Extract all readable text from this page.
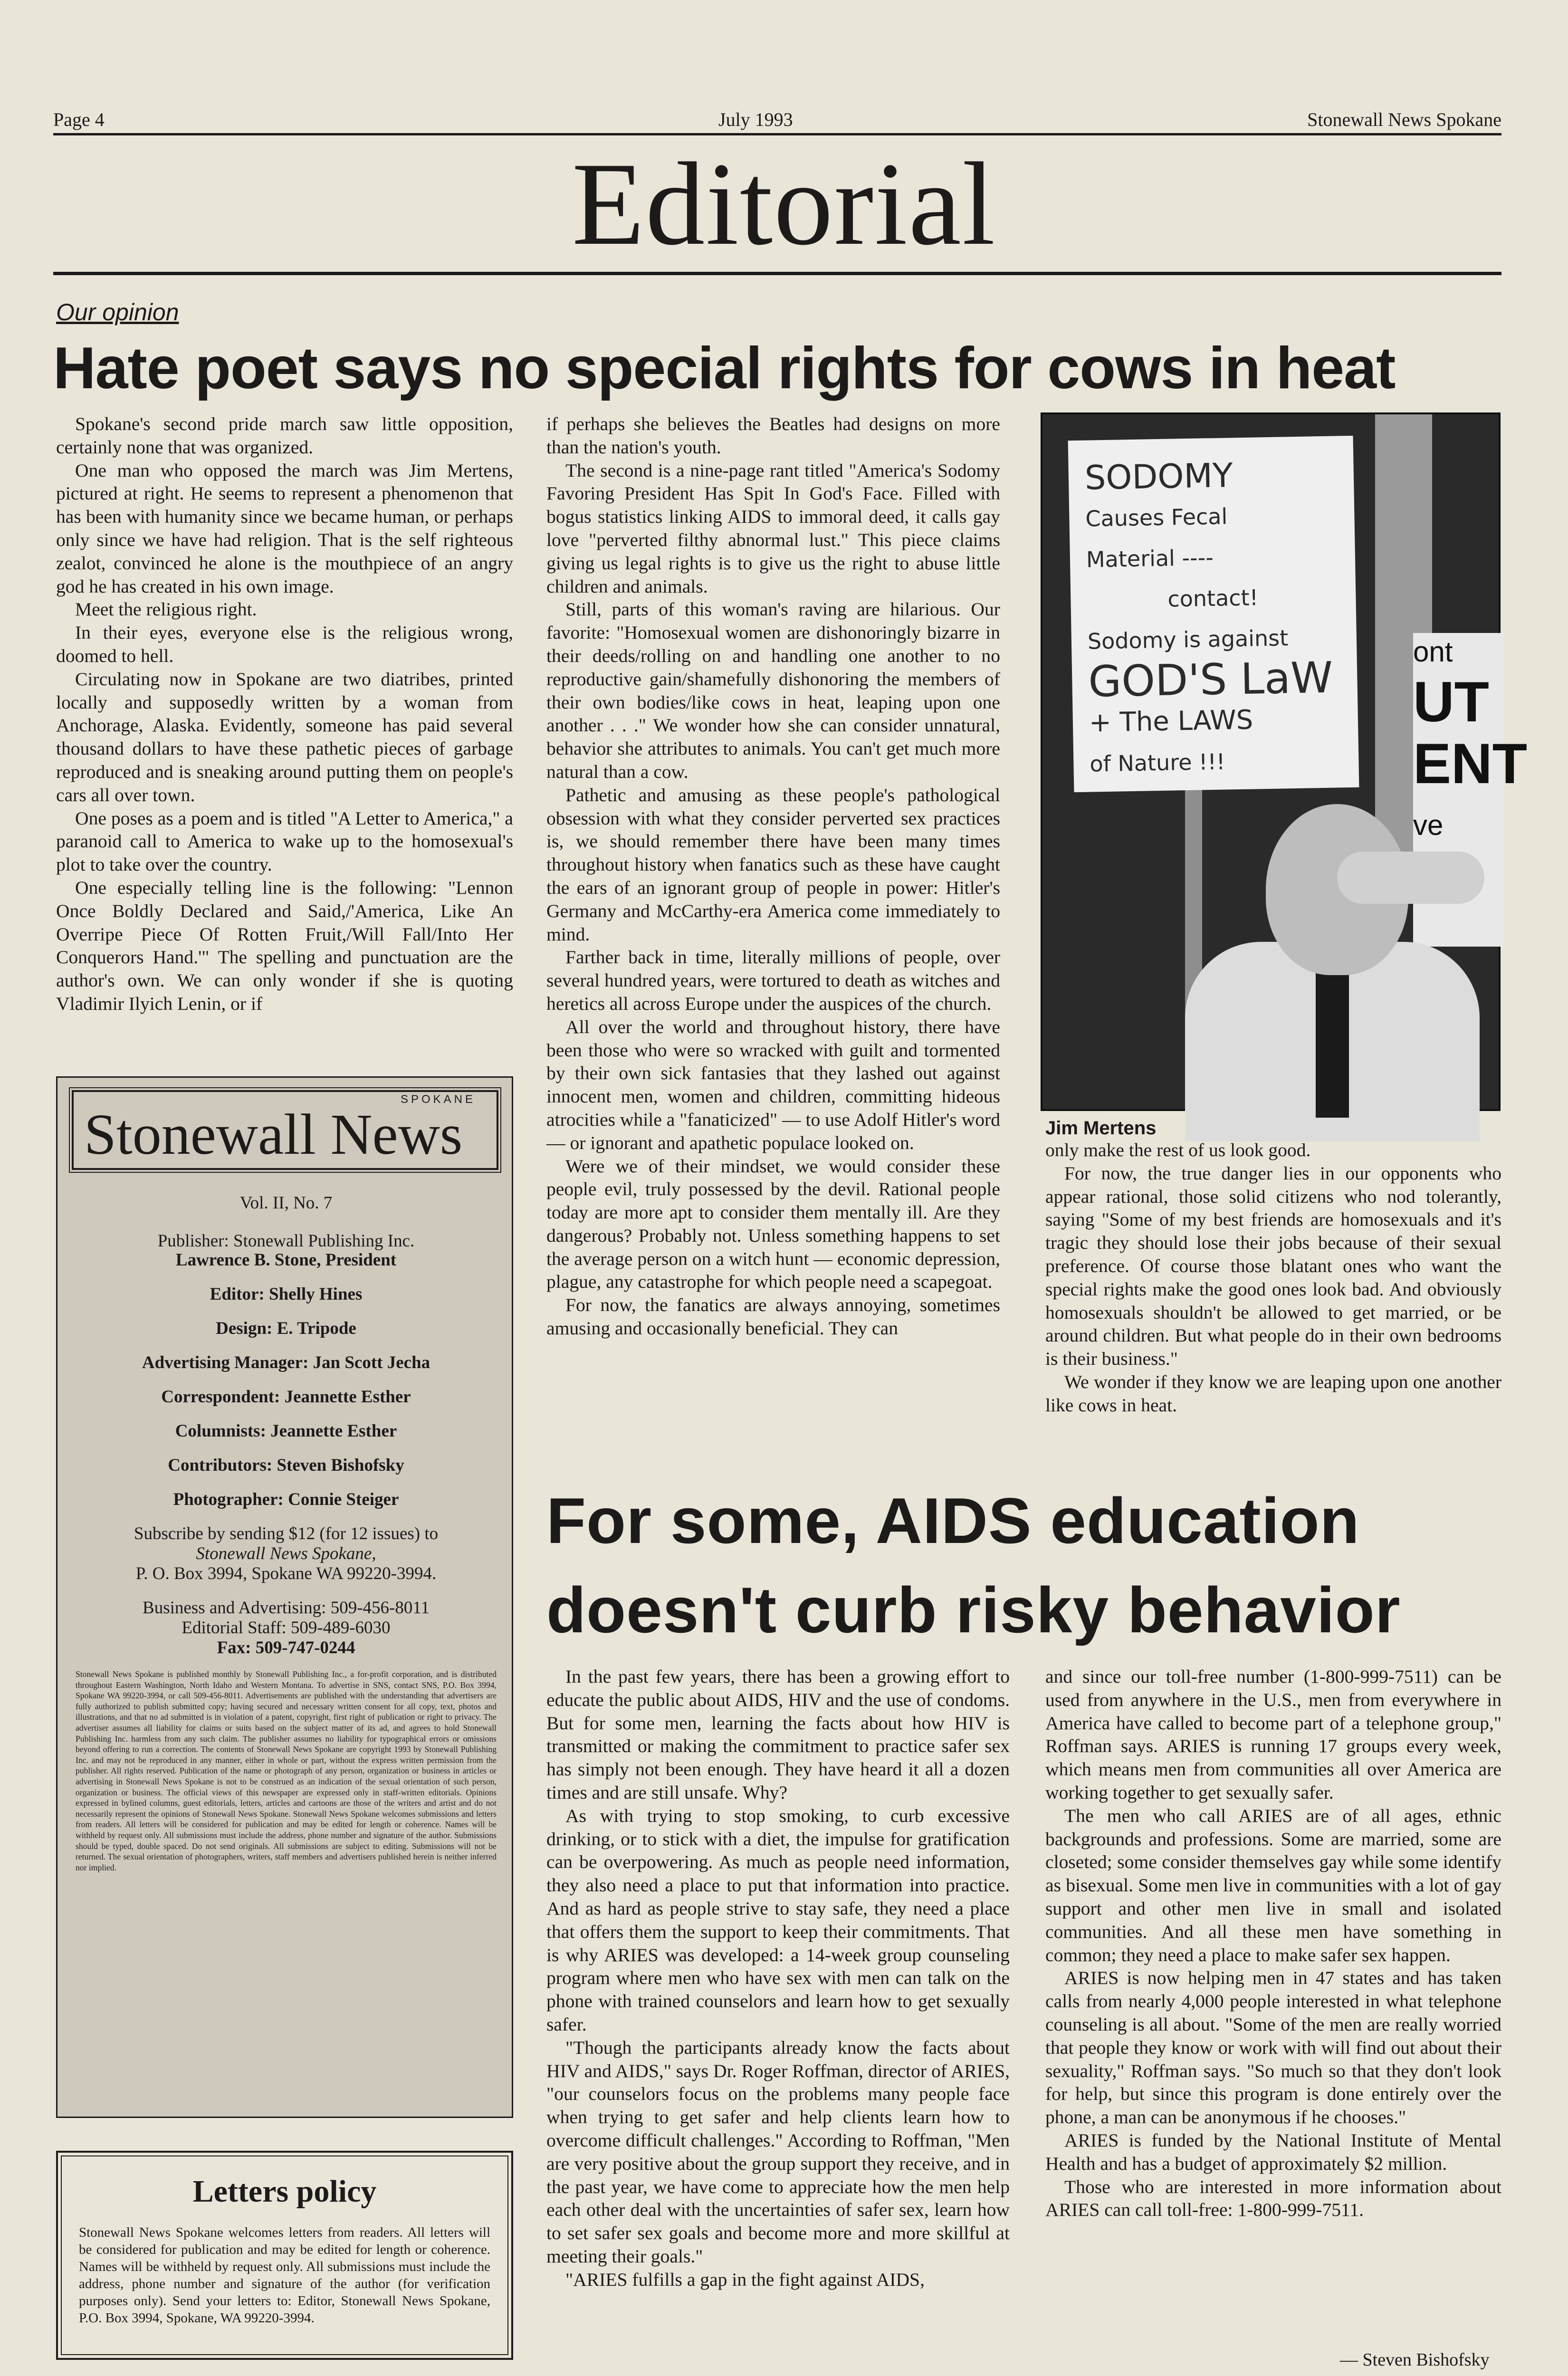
Page 4	July 1993	Stonewall News Spokane
Editorial
Our opinion
Hate poet says no special rights for cows in heat

Spokane's second pride march saw little opposition, certainly none that was organized.

One man who opposed the march was Jim Mertens, pictured at right. He seems to represent a phenomenon that has been with humanity since we became human, or perhaps only since we have had religion. That is the self righteous zealot, convinced he alone is the mouthpiece of an angry god he has created in his own image.

Meet the religious right.

In their eyes, everyone else is the religious wrong, doomed to hell.

Circulating now in Spokane are two diatribes, printed locally and supposedly written by a woman from Anchorage, Alaska. Evidently, someone has paid several thousand dollars to have these pathetic pieces of garbage reproduced and is sneaking around putting them on people's cars all over town.

One poses as a poem and is titled "A Letter to America," a paranoid call to America to wake up to the homosexual's plot to take over the country.

One especially telling line is the following: "Lennon Once Boldly Declared and Said,/'America, Like An Overripe Piece Of Rotten Fruit,/Will Fall/Into Her Conquerors Hand.'" The spelling and punctuation are the author's own. We can only wonder if she is quoting Vladimir Ilyich Lenin, or if

if perhaps she believes the Beatles had designs on more than the nation's youth.

The second is a nine-page rant titled "America's Sodomy Favoring President Has Spit In God's Face. Filled with bogus statistics linking AIDS to immoral deed, it calls gay love "perverted filthy abnormal lust." This piece claims giving us legal rights is to give us the right to abuse little children and animals.

Still, parts of this woman's raving are hilarious. Our favorite: "Homosexual women are dishonoringly bizarre in their deeds/rolling on and handling one another to no reproductive gain/shamefully dishonoring the members of their own bodies/like cows in heat, leaping upon one another . . ." We wonder how she can consider unnatural, behavior she attributes to animals. You can't get much more natural than a cow.

Pathetic and amusing as these people's pathological obsession with what they consider perverted sex practices is, we should remember there have been many times throughout history when fanatics such as these have caught the ears of an ignorant group of people in power: Hitler's Germany and McCarthy-era America come immediately to mind.

Farther back in time, literally millions of people, over several hundred years, were tortured to death as witches and heretics all across Europe under the auspices of the church.

All over the world and throughout history, there have been those who were so wracked with guilt and tormented by their own sick fantasies that they lashed out against innocent men, women and children, committing hideous atrocities while a "fanaticized" — to use Adolf Hitler's word — or ignorant and apathetic populace looked on.

Were we of their mindset, we would consider these people evil, truly possessed by the devil. Rational people today are more apt to consider them mentally ill. Are they dangerous? Probably not. Unless something happens to set the average person on a witch hunt — economic depression, plague, any catastrophe for which people need a scapegoat.

For now, the fanatics are always annoying, sometimes amusing and occasionally beneficial. They can

ont
UT
ENT
ve
SODOMY
Causes Fecal
Material ----
contact!
Sodomy is against
GOD'S LaW
+ The LAWS
of Nature !!!
Jim Mertens

only make the rest of us look good.

For now, the true danger lies in our opponents who appear rational, those solid citizens who nod tolerantly, saying "Some of my best friends are homosexuals and it's tragic they should lose their jobs because of their sexual preference. Of course those blatant ones who want the special rights make the good ones look bad. And obviously homosexuals shouldn't be allowed to get married, or be around children. But what people do in their own bedrooms is their business."

We wonder if they know we are leaping upon one another like cows in heat.

SPOKANE
Stonewall News
Vol. II, No. 7
Publisher: Stonewall Publishing Inc.
Lawrence B. Stone, President
Editor: Shelly Hines
Design: E. Tripode
Advertising Manager: Jan Scott Jecha
Correspondent: Jeannette Esther
Columnists: Jeannette Esther
Contributors: Steven Bishofsky
Photographer: Connie Steiger
Subscribe by sending $12 (for 12 issues) to
Stonewall News Spokane,
P. O. Box 3994, Spokane WA 99220-3994.
Business and Advertising: 509-456-8011
Editorial Staff: 509-489-6030
Fax: 509-747-0244
Stonewall News Spokane is published monthly by Stonewall Publishing Inc., a for-profit corporation, and is distributed throughout Eastern Washington, North Idaho and Western Montana. To advertise in SNS, contact SNS, P.O. Box 3994, Spokane WA 99220-3994, or call 509-456-8011. Advertisements are published with the understanding that advertisers are fully authorized to publish submitted copy; having secured and necessary written consent for all copy, text, photos and illustrations, and that no ad submitted is in violation of a patent, copyright, first right of publication or right to privacy. The advertiser assumes all liability for claims or suits based on the subject matter of its ad, and agrees to hold Stonewall Publishing Inc. harmless from any such claim. The publisher assumes no liability for typographical errors or omissions beyond offering to run a correction. The contents of Stonewall News Spokane are copyright 1993 by Stonewall Publishing Inc. and may not be reproduced in any manner, either in whole or part, without the express written permission from the publisher. All rights reserved. Publication of the name or photograph of any person, organization or business in articles or advertising in Stonewall News Spokane is not to be construed as an indication of the sexual orientation of such person, organization or business. The official views of this newspaper are expressed only in staff-written editorials. Opinions expressed in bylined columns, guest editorials, letters, articles and cartoons are those of the writers and artist and do not necessarily represent the opinions of Stonewall News Spokane. Stonewall News Spokane welcomes submissions and letters from readers. All letters will be considered for publication and may be edited for length or coherence. Names will be withheld by request only. All submissions must include the address, phone number and signature of the author. Submissions should be typed, double spaced. Do not send originals. All submissions are subject to editing. Submissions will not be returned. The sexual orientation of photographers, writers, staff members and advertisers published herein is neither inferred nor implied.
Letters policy
Stonewall News Spokane welcomes letters from readers. All letters will be considered for publication and may be edited for length or coherence. Names will be withheld by request only. All submissions must include the address, phone number and signature of the author (for verification purposes only). Send your letters to: Editor, Stonewall News Spokane, P.O. Box 3994, Spokane, WA 99220-3994.
For some, AIDS education
doesn't curb risky behavior

In the past few years, there has been a growing effort to educate the public about AIDS, HIV and the use of condoms. But for some men, learning the facts about how HIV is transmitted or making the commitment to practice safer sex has simply not been enough. They have heard it all a dozen times and are still unsafe. Why?

As with trying to stop smoking, to curb excessive drinking, or to stick with a diet, the impulse for gratification can be overpowering. As much as people need information, they also need a place to put that information into practice. And as hard as people strive to stay safe, they need a place that offers them the support to keep their commitments. That is why ARIES was developed: a 14-week group counseling program where men who have sex with men can talk on the phone with trained counselors and learn how to get sexually safer.

"Though the participants already know the facts about HIV and AIDS," says Dr. Roger Roffman, director of ARIES, "our counselors focus on the problems many people face when trying to get safer and help clients learn how to overcome difficult challenges." According to Roffman, "Men are very positive about the group support they receive, and in the past year, we have come to appreciate how the men help each other deal with the uncertainties of safer sex, learn how to set safer sex goals and become more and more skillful at meeting their goals."

"ARIES fulfills a gap in the fight against AIDS,

and since our toll-free number (1-800-999-7511) can be used from anywhere in the U.S., men from everywhere in America have called to become part of a telephone group," Roffman says. ARIES is running 17 groups every week, which means men from communities all over America are working together to get sexually safer.

The men who call ARIES are of all ages, ethnic backgrounds and professions. Some are married, some are closeted; some consider themselves gay while some identify as bisexual. Some men live in communities with a lot of gay support and other men live in small and isolated communities. And all these men have something in common; they need a place to make safer sex happen.

ARIES is now helping men in 47 states and has taken calls from nearly 4,000 people interested in what telephone counseling is all about. "Some of the men are really worried that people they know or work with will find out about their sexuality," Roffman says. "So much so that they don't look for help, but since this program is done entirely over the phone, a man can be anonymous if he chooses."

ARIES is funded by the National Institute of Mental Health and has a budget of approximately $2 million.

Those who are interested in more information about ARIES can call toll-free: 1-800-999-7511.

— Steven Bishofsky
